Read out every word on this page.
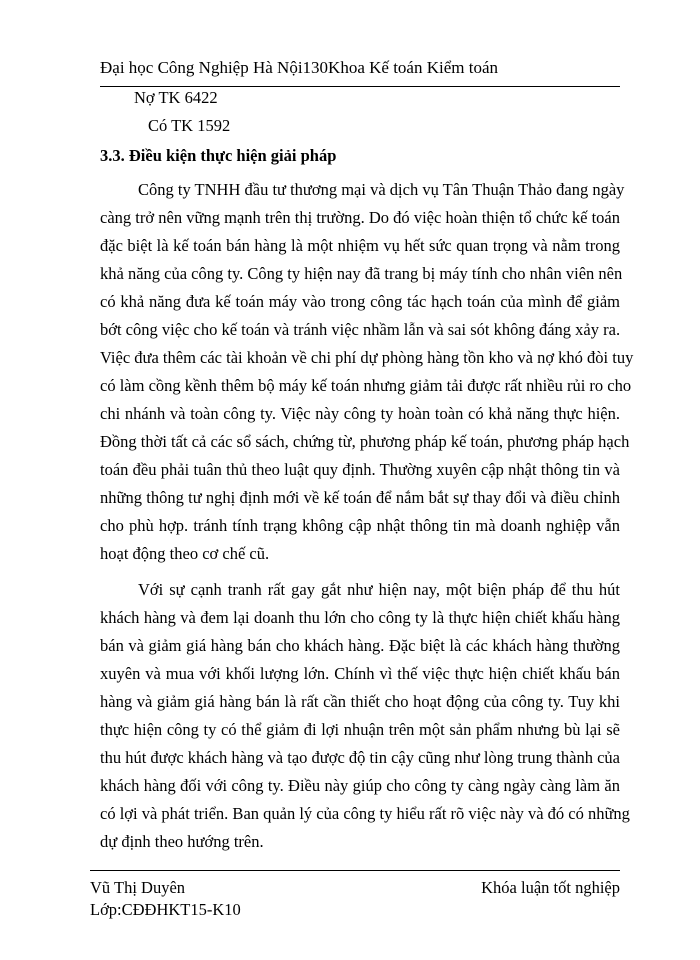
Đại học Công Nghiệp Hà Nội130Khoa Kế toán Kiểm toán
Nợ TK 6422
Có TK 1592
3.3. Điều kiện thực hiện giải pháp

Công ty TNHH đầu tư thương mại và dịch vụ Tân Thuận Thảo đang ngày
càng trở nên vững mạnh trên thị trường. Do đó việc hoàn thiện tổ chức kế toán
đặc biệt là kế toán bán hàng là một nhiệm vụ hết sức quan trọng và nằm trong
khả năng của công ty. Công ty hiện nay đã trang bị máy tính cho nhân viên nên
có khả năng đưa kế toán máy vào trong công tác hạch toán của mình để giảm
bớt công việc cho kế toán và tránh việc nhầm lẫn và sai sót không đáng xảy ra.
Việc đưa thêm các tài khoản về chi phí dự phòng hàng tồn kho và nợ khó đòi tuy
có làm cồng kềnh thêm bộ máy kế toán nhưng giảm tải được rất nhiều rủi ro cho
chi nhánh và toàn công ty. Việc này công ty hoàn toàn có khả năng thực hiện.
Đồng thời tất cả các sổ sách, chứng từ, phương pháp kế toán, phương pháp hạch
toán đều phải tuân thủ theo luật quy định. Thường xuyên cập nhật thông tin và
những thông tư nghị định mới về kế toán để nắm bắt sự thay đổi và điều chỉnh
cho phù hợp. tránh tính trạng không cập nhật thông tin mà doanh nghiệp vẫn
hoạt động theo cơ chế cũ.

Với sự cạnh tranh rất gay gắt như hiện nay, một biện pháp để thu hút
khách hàng và đem lại doanh thu lớn cho công ty là thực hiện chiết khấu hàng
bán và giảm giá hàng bán cho khách hàng. Đặc biệt là các khách hàng thường
xuyên và mua với khối lượng lớn. Chính vì thế việc thực hiện chiết khấu bán
hàng và giảm giá hàng bán là rất cần thiết cho hoạt động của công ty. Tuy khi
thực hiện công ty có thể giảm đi lợi nhuận trên một sản phẩm nhưng bù lại sẽ
thu hút được khách hàng và tạo được độ tin cậy cũng như lòng trung thành của
khách hàng đối với công ty. Điều này giúp cho công ty càng ngày càng làm ăn
có lợi và phát triển. Ban quản lý của công ty hiểu rất rõ việc này và đó có những
dự định theo hướng trên.

Vũ Thị Duyên	Khóa luận tốt nghiệp
Lớp:CĐĐHKT15-K10
